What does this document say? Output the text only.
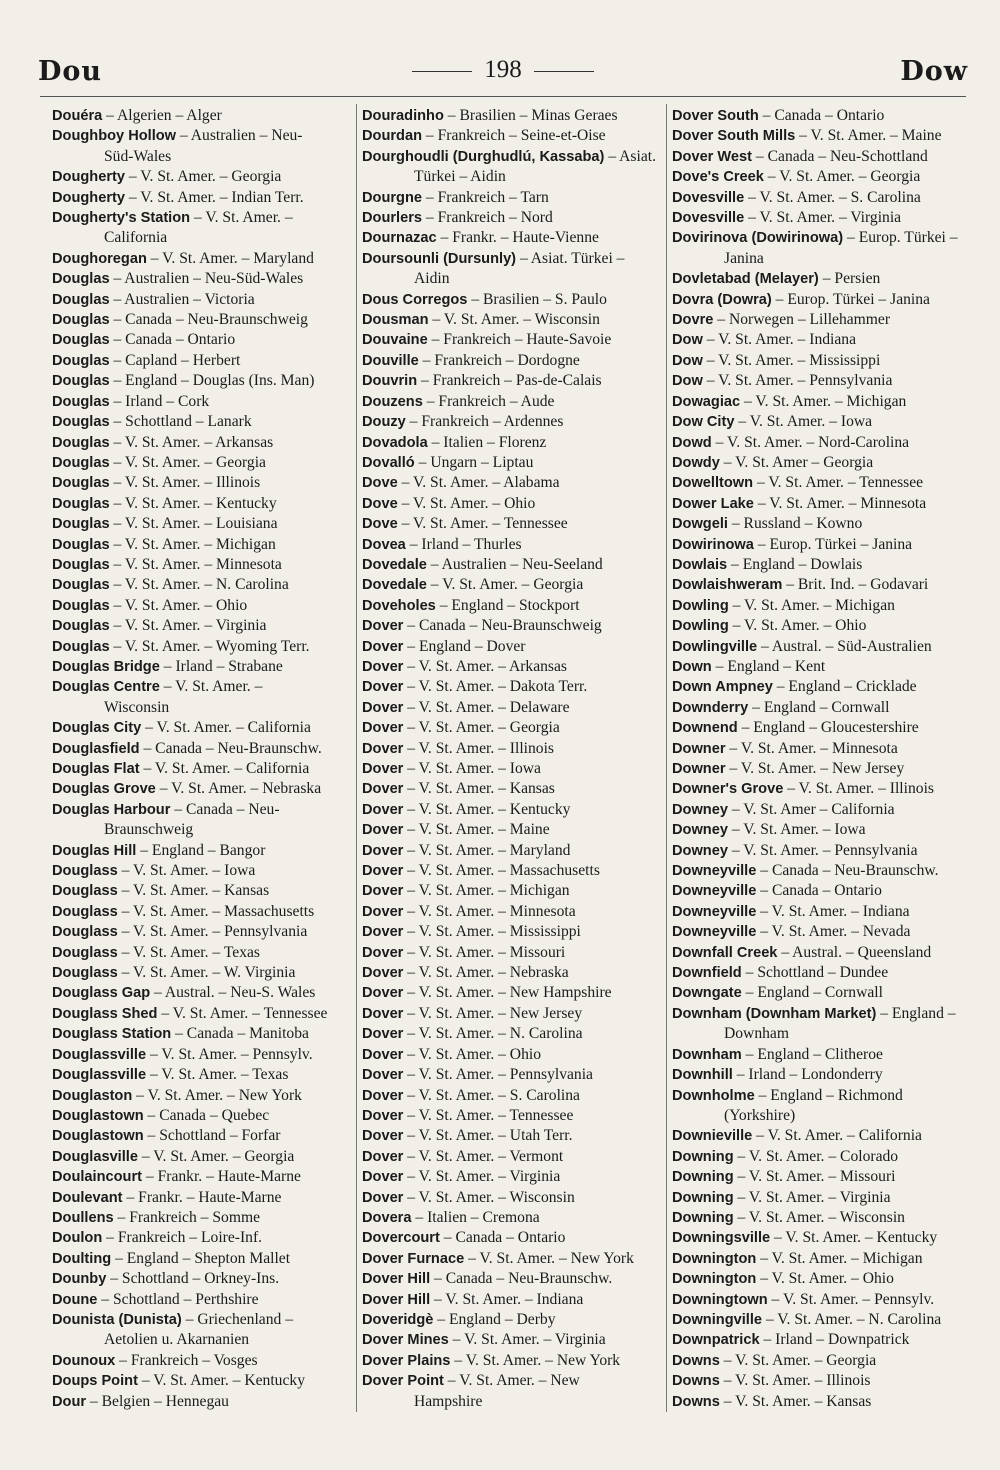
Dou	198	Dow
Douéra – Algerien – Alger
Doughboy Hollow – Australien – Neu-
Süd-Wales
Dougherty – V. St. Amer. – Georgia
Dougherty – V. St. Amer. – Indian Terr.
Dougherty's Station – V. St. Amer. –
California
Doughoregan – V. St. Amer. – Maryland
Douglas – Australien – Neu-Süd-Wales
Douglas – Australien – Victoria
Douglas – Canada – Neu-Braunschweig
Douglas – Canada – Ontario
Douglas – Capland – Herbert
Douglas – England – Douglas (Ins. Man)
Douglas – Irland – Cork
Douglas – Schottland – Lanark
Douglas – V. St. Amer. – Arkansas
Douglas – V. St. Amer. – Georgia
Douglas – V. St. Amer. – Illinois
Douglas – V. St. Amer. – Kentucky
Douglas – V. St. Amer. – Louisiana
Douglas – V. St. Amer. – Michigan
Douglas – V. St. Amer. – Minnesota
Douglas – V. St. Amer. – N. Carolina
Douglas – V. St. Amer. – Ohio
Douglas – V. St. Amer. – Virginia
Douglas – V. St. Amer. – Wyoming Terr.
Douglas Bridge – Irland – Strabane
Douglas Centre – V. St. Amer. –
Wisconsin
Douglas City – V. St. Amer. – California
Douglasfield – Canada – Neu-Braunschw.
Douglas Flat – V. St. Amer. – California
Douglas Grove – V. St. Amer. – Nebraska
Douglas Harbour – Canada – Neu-
Braunschweig
Douglas Hill – England – Bangor
Douglass – V. St. Amer. – Iowa
Douglass – V. St. Amer. – Kansas
Douglass – V. St. Amer. – Massachusetts
Douglass – V. St. Amer. – Pennsylvania
Douglass – V. St. Amer. – Texas
Douglass – V. St. Amer. – W. Virginia
Douglass Gap – Austral. – Neu-S. Wales
Douglass Shed – V. St. Amer. – Tennessee
Douglass Station – Canada – Manitoba
Douglassville – V. St. Amer. – Pennsylv.
Douglassville – V. St. Amer. – Texas
Douglaston – V. St. Amer. – New York
Douglastown – Canada – Quebec
Douglastown – Schottland – Forfar
Douglasville – V. St. Amer. – Georgia
Doulaincourt – Frankr. – Haute-Marne
Doulevant – Frankr. – Haute-Marne
Doullens – Frankreich – Somme
Doulon – Frankreich – Loire-Inf.
Doulting – England – Shepton Mallet
Dounby – Schottland – Orkney-Ins.
Doune – Schottland – Perthshire
Dounista (Dunista) – Griechenland –
Aetolien u. Akarnanien
Dounoux – Frankreich – Vosges
Doups Point – V. St. Amer. – Kentucky
Dour – Belgien – Hennegau
Douradinho – Brasilien – Minas Geraes
Dourdan – Frankreich – Seine-et-Oise
Dourghoudli (Durghudlú, Kassaba) – Asiat.
Türkei – Aidin
Dourgne – Frankreich – Tarn
Dourlers – Frankreich – Nord
Dournazac – Frankr. – Haute-Vienne
Doursounli (Dursunly) – Asiat. Türkei –
Aidin
Dous Corregos – Brasilien – S. Paulo
Dousman – V. St. Amer. – Wisconsin
Douvaine – Frankreich – Haute-Savoie
Douville – Frankreich – Dordogne
Douvrin – Frankreich – Pas-de-Calais
Douzens – Frankreich – Aude
Douzy – Frankreich – Ardennes
Dovadola – Italien – Florenz
Dovalló – Ungarn – Liptau
Dove – V. St. Amer. – Alabama
Dove – V. St. Amer. – Ohio
Dove – V. St. Amer. – Tennessee
Dovea – Irland – Thurles
Dovedale – Australien – Neu-Seeland
Dovedale – V. St. Amer. – Georgia
Doveholes – England – Stockport
Dover – Canada – Neu-Braunschweig
Dover – England – Dover
Dover – V. St. Amer. – Arkansas
Dover – V. St. Amer. – Dakota Terr.
Dover – V. St. Amer. – Delaware
Dover – V. St. Amer. – Georgia
Dover – V. St. Amer. – Illinois
Dover – V. St. Amer. – Iowa
Dover – V. St. Amer. – Kansas
Dover – V. St. Amer. – Kentucky
Dover – V. St. Amer. – Maine
Dover – V. St. Amer. – Maryland
Dover – V. St. Amer. – Massachusetts
Dover – V. St. Amer. – Michigan
Dover – V. St. Amer. – Minnesota
Dover – V. St. Amer. – Mississippi
Dover – V. St. Amer. – Missouri
Dover – V. St. Amer. – Nebraska
Dover – V. St. Amer. – New Hampshire
Dover – V. St. Amer. – New Jersey
Dover – V. St. Amer. – N. Carolina
Dover – V. St. Amer. – Ohio
Dover – V. St. Amer. – Pennsylvania
Dover – V. St. Amer. – S. Carolina
Dover – V. St. Amer. – Tennessee
Dover – V. St. Amer. – Utah Terr.
Dover – V. St. Amer. – Vermont
Dover – V. St. Amer. – Virginia
Dover – V. St. Amer. – Wisconsin
Dovera – Italien – Cremona
Dovercourt – Canada – Ontario
Dover Furnace – V. St. Amer. – New York
Dover Hill – Canada – Neu-Braunschw.
Dover Hill – V. St. Amer. – Indiana
Doveridgè – England – Derby
Dover Mines – V. St. Amer. – Virginia
Dover Plains – V. St. Amer. – New York
Dover Point – V. St. Amer. – New
Hampshire
Dover South – Canada – Ontario
Dover South Mills – V. St. Amer. – Maine
Dover West – Canada – Neu-Schottland
Dove's Creek – V. St. Amer. – Georgia
Dovesville – V. St. Amer. – S. Carolina
Dovesville – V. St. Amer. – Virginia
Dovirinova (Dowirinowa) – Europ. Türkei –
Janina
Dovletabad (Melayer) – Persien
Dovra (Dowra) – Europ. Türkei – Janina
Dovre – Norwegen – Lillehammer
Dow – V. St. Amer. – Indiana
Dow – V. St. Amer. – Mississippi
Dow – V. St. Amer. – Pennsylvania
Dowagiac – V. St. Amer. – Michigan
Dow City – V. St. Amer. – Iowa
Dowd – V. St. Amer. – Nord-Carolina
Dowdy – V. St. Amer – Georgia
Dowelltown – V. St. Amer. – Tennessee
Dower Lake – V. St. Amer. – Minnesota
Dowgeli – Russland – Kowno
Dowirinowa – Europ. Türkei – Janina
Dowlais – England – Dowlais
Dowlaishweram – Brit. Ind. – Godavari
Dowling – V. St. Amer. – Michigan
Dowling – V. St. Amer. – Ohio
Dowlingville – Austral. – Süd-Australien
Down – England – Kent
Down Ampney – England – Cricklade
Downderry – England – Cornwall
Downend – England – Gloucestershire
Downer – V. St. Amer. – Minnesota
Downer – V. St. Amer. – New Jersey
Downer's Grove – V. St. Amer. – Illinois
Downey – V. St. Amer – California
Downey – V. St. Amer. – Iowa
Downey – V. St. Amer. – Pennsylvania
Downeyville – Canada – Neu-Braunschw.
Downeyville – Canada – Ontario
Downeyville – V. St. Amer. – Indiana
Downeyville – V. St. Amer. – Nevada
Downfall Creek – Austral. – Queensland
Downfield – Schottland – Dundee
Downgate – England – Cornwall
Downham (Downham Market) – England –
Downham
Downham – England – Clitheroe
Downhill – Irland – Londonderry
Downholme – England – Richmond
(Yorkshire)
Downieville – V. St. Amer. – California
Downing – V. St. Amer. – Colorado
Downing – V. St. Amer. – Missouri
Downing – V. St. Amer. – Virginia
Downing – V. St. Amer. – Wisconsin
Downingsville – V. St. Amer. – Kentucky
Downington – V. St. Amer. – Michigan
Downington – V. St. Amer. – Ohio
Downingtown – V. St. Amer. – Pennsylv.
Downingville – V. St. Amer. – N. Carolina
Downpatrick – Irland – Downpatrick
Downs – V. St. Amer. – Georgia
Downs – V. St. Amer. – Illinois
Downs – V. St. Amer. – Kansas
